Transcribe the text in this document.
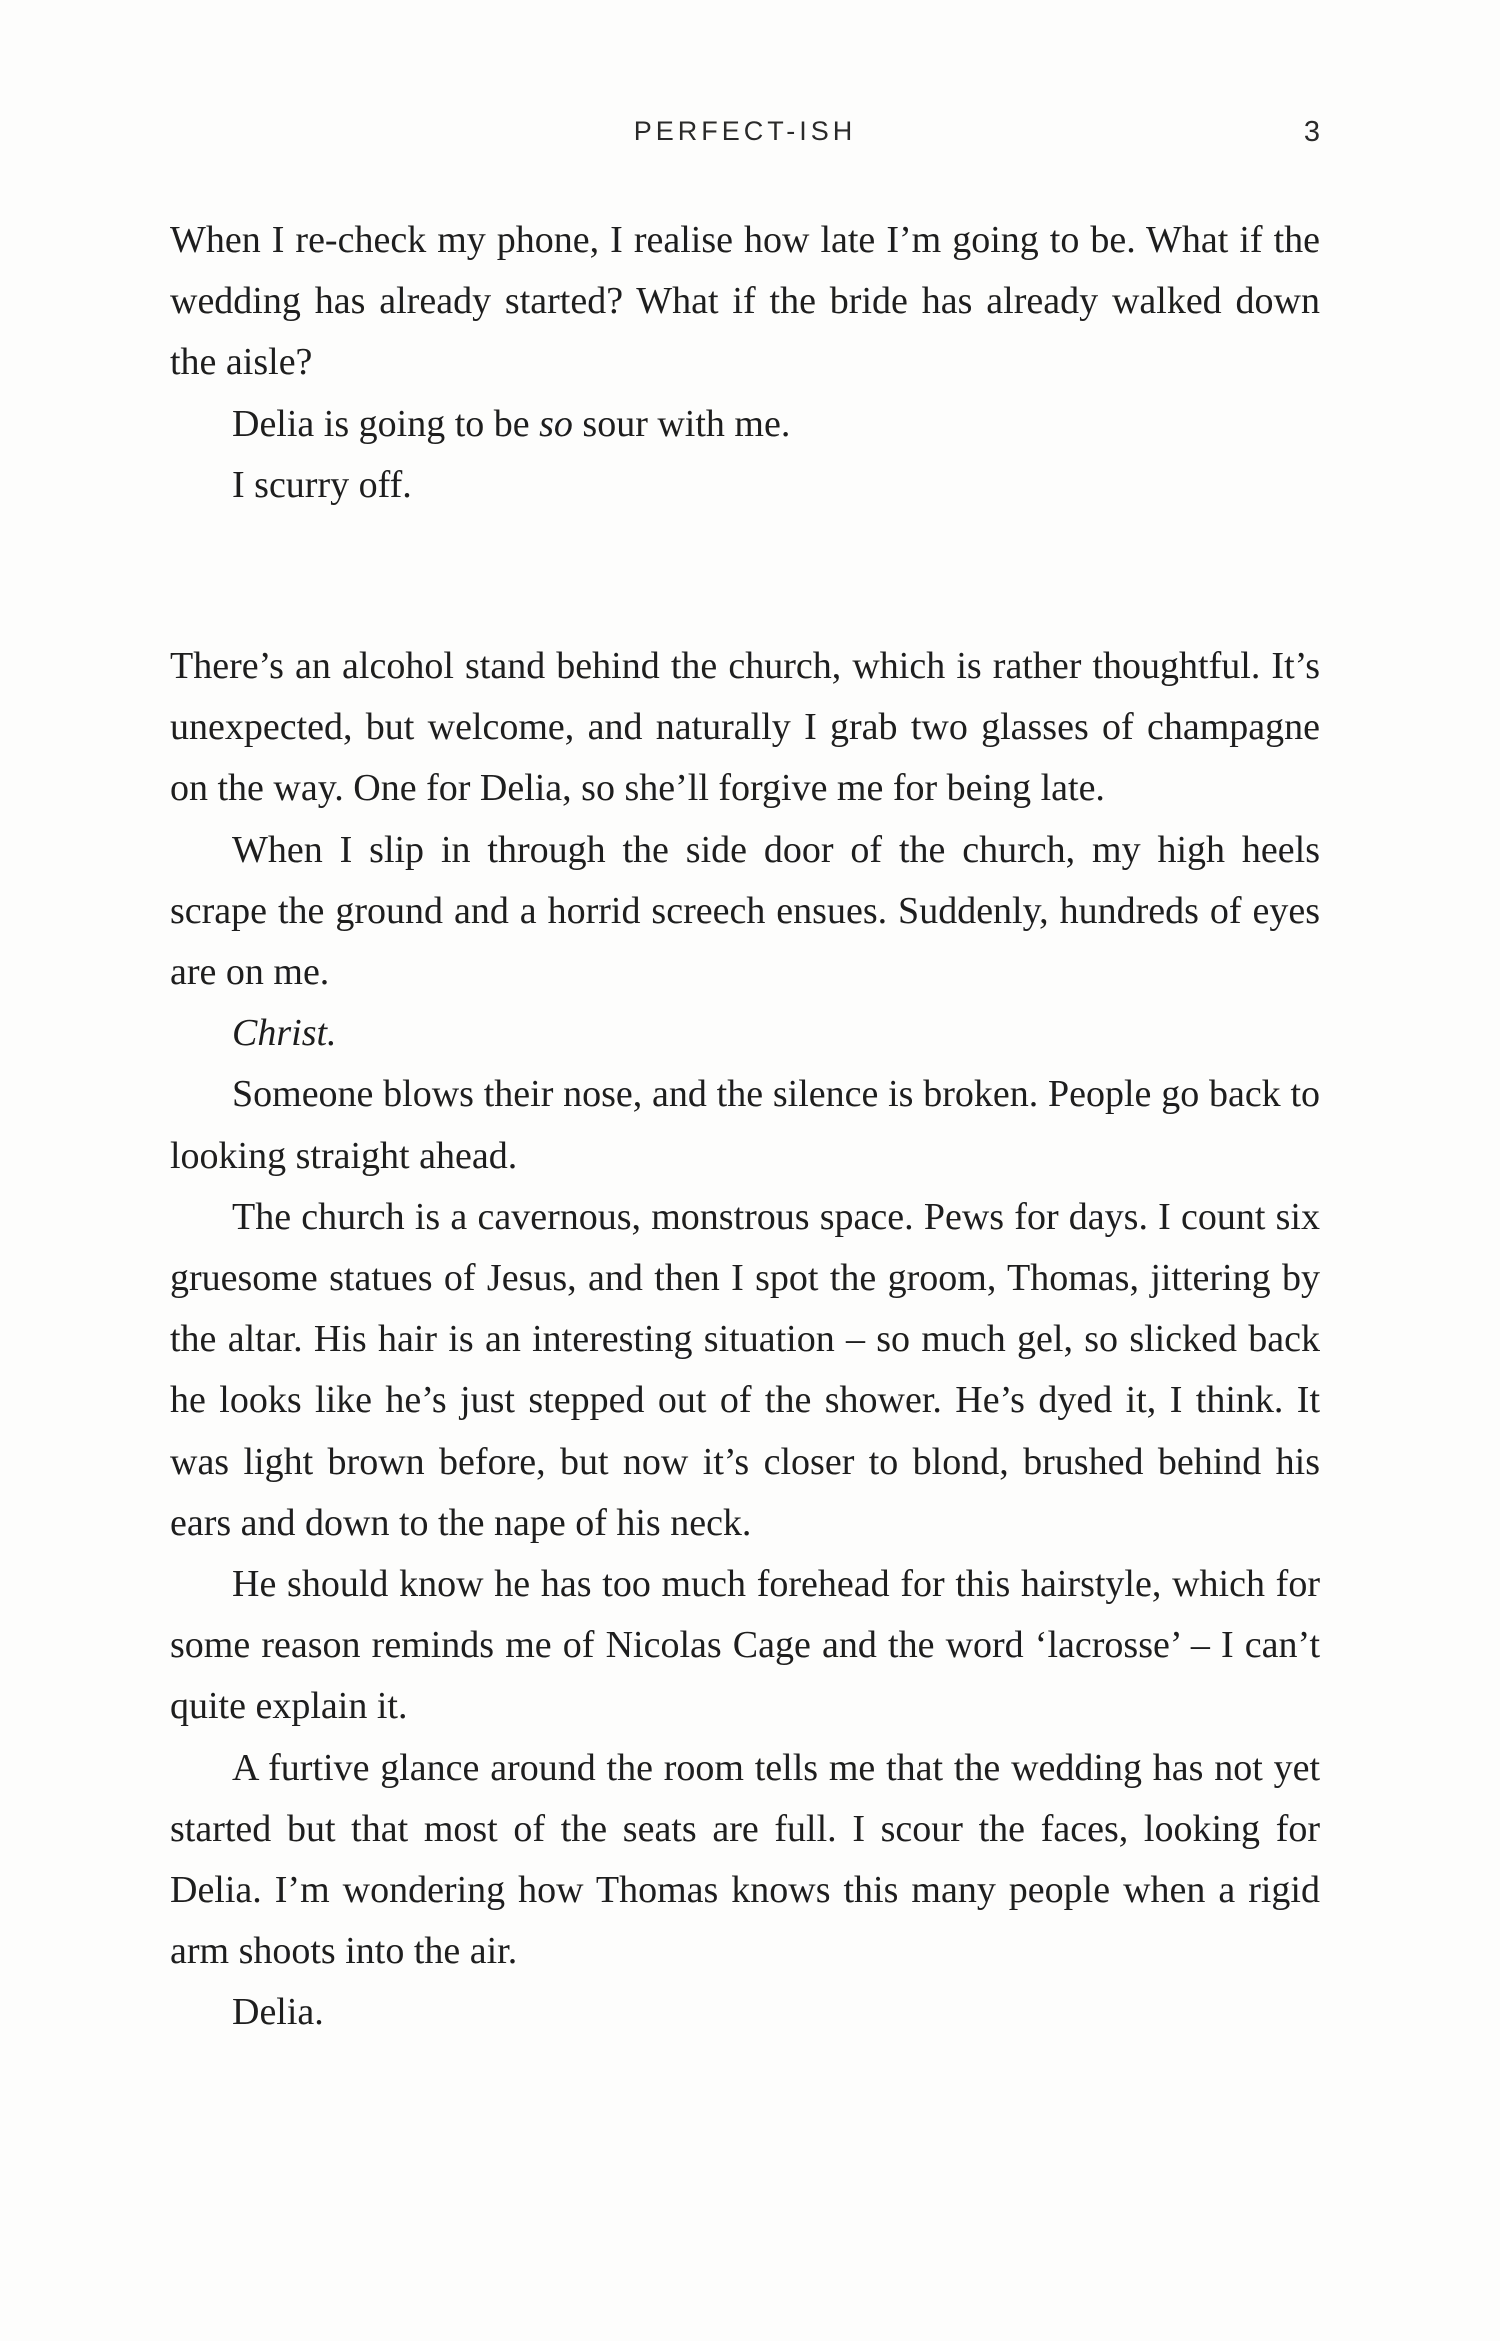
PERFECT-ISH	3

When I re-check my phone, I realise how late I’m going to be. What if the wedding has already started? What if the bride has already walked down the aisle?

Delia is going to be so sour with me.

I scurry off.

There’s an alcohol stand behind the church, which is rather thoughtful. It’s unexpected, but welcome, and naturally I grab two glasses of champagne on the way. One for Delia, so she’ll forgive me for being late.

When I slip in through the side door of the church, my high heels scrape the ground and a horrid screech ensues. Suddenly, hundreds of eyes are on me.

Christ.

Someone blows their nose, and the silence is broken. People go back to looking straight ahead.

The church is a cavernous, monstrous space. Pews for days. I count six gruesome statues of Jesus, and then I spot the groom, Thomas, jittering by the altar. His hair is an interesting situation – so much gel, so slicked back he looks like he’s just stepped out of the shower. He’s dyed it, I think. It was light brown before, but now it’s closer to blond, brushed behind his ears and down to the nape of his neck.

He should know he has too much forehead for this hairstyle, which for some reason reminds me of Nicolas Cage and the word ‘lacrosse’ – I can’t quite explain it.

A furtive glance around the room tells me that the wedding has not yet started but that most of the seats are full. I scour the faces, looking for Delia. I’m wondering how Thomas knows this many people when a rigid arm shoots into the air.

Delia.
